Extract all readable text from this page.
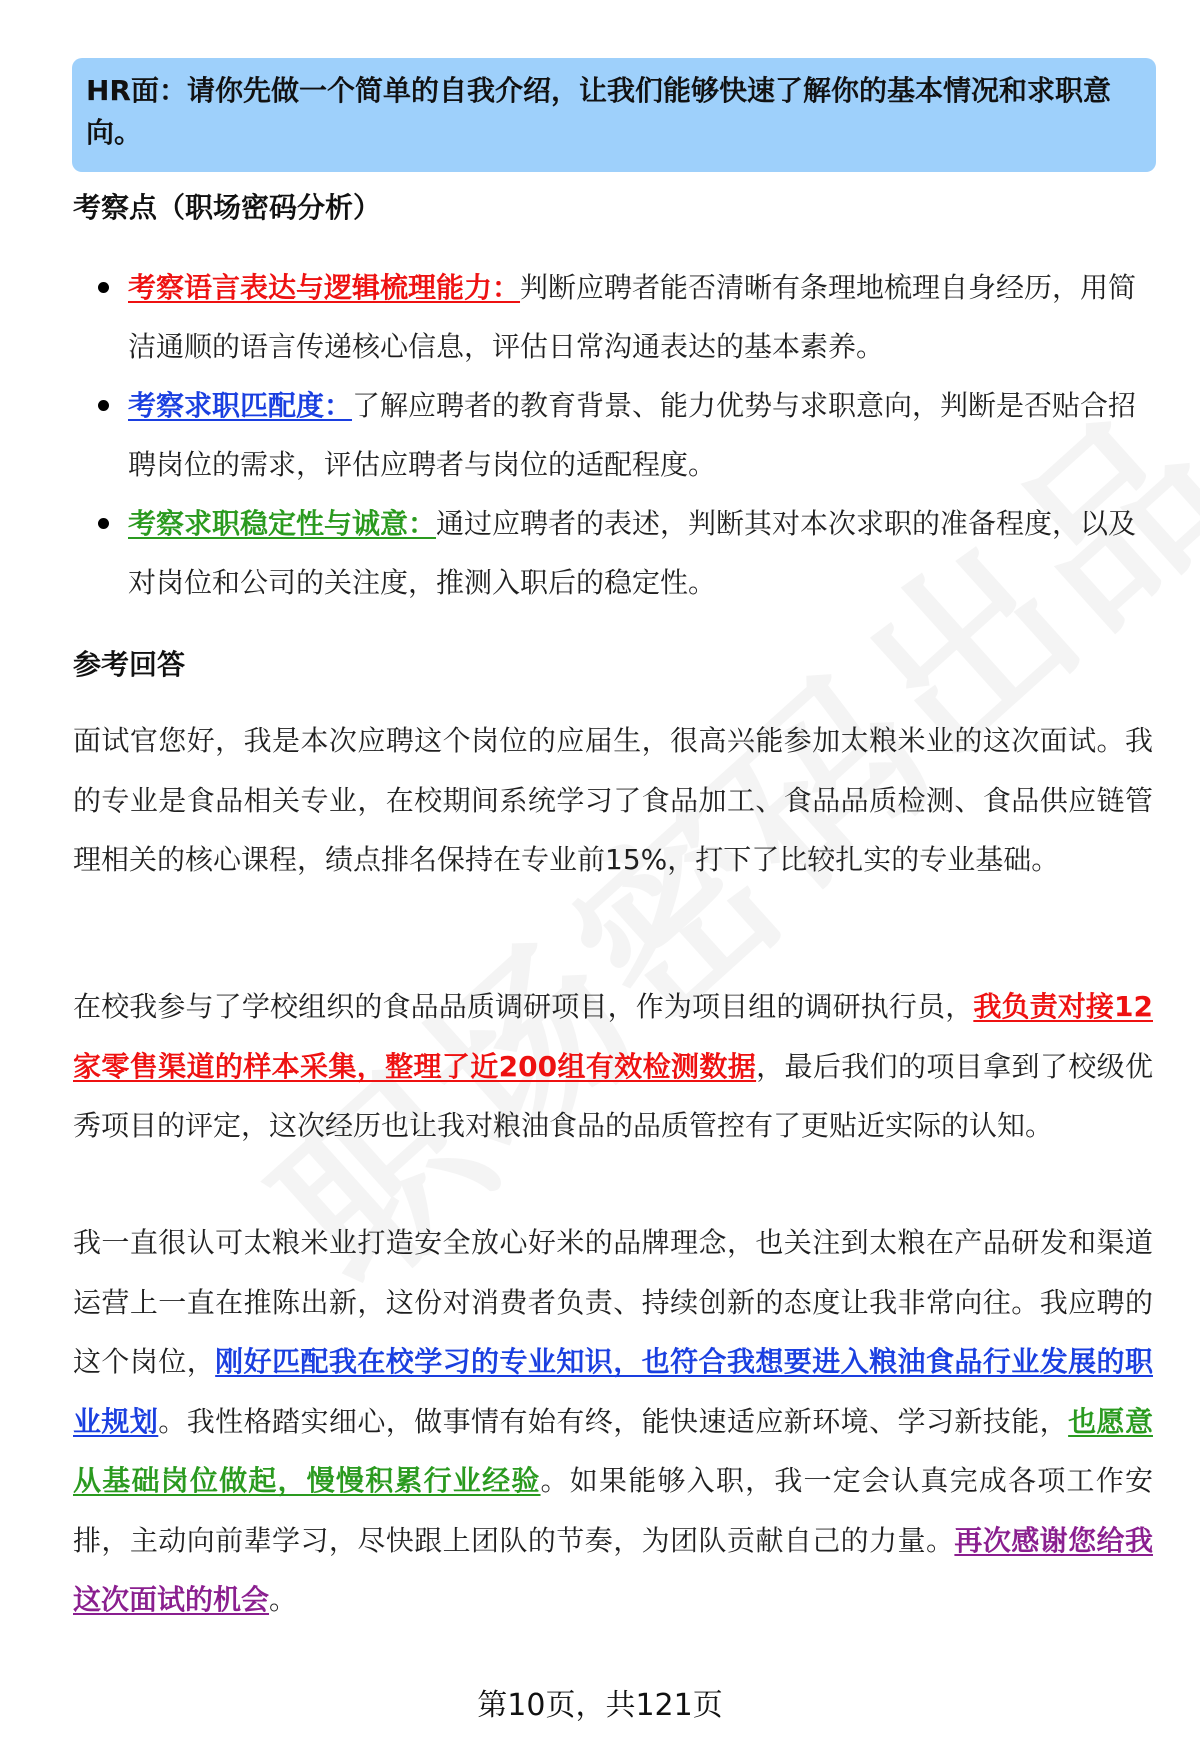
HR面：请你先做一个简单的自我介绍，让我们能够快速了解你的基本情况和求职意向。
考察点（职场密码分析）
考察语言表达与逻辑梳理能力：判断应聘者能否清晰有条理地梳理自身经历，用简洁通顺的语言传递核心信息，评估日常沟通表达的基本素养。
考察求职匹配度：了解应聘者的教育背景、能力优势与求职意向，判断是否贴合招聘岗位的需求，评估应聘者与岗位的适配程度。
考察求职稳定性与诚意：通过应聘者的表述，判断其对本次求职的准备程度，以及对岗位和公司的关注度，推测入职后的稳定性。
参考回答

面试官您好，我是本次应聘这个岗位的应届生，很高兴能参加太粮米业的这次面试。我的专业是食品相关专业，在校期间系统学习了食品加工、食品品质检测、食品供应链管理相关的核心课程，绩点排名保持在专业前15%，打下了比较扎实的专业基础。

在校我参与了学校组织的食品品质调研项目，作为项目组的调研执行员，我负责对接12家零售渠道的样本采集，整理了近200组有效检测数据，最后我们的项目拿到了校级优秀项目的评定，这次经历也让我对粮油食品的品质管控有了更贴近实际的认知。

我一直很认可太粮米业打造安全放心好米的品牌理念，也关注到太粮在产品研发和渠道运营上一直在推陈出新，这份对消费者负责、持续创新的态度让我非常向往。我应聘的这个岗位，刚好匹配我在校学习的专业知识，也符合我想要进入粮油食品行业发展的职业规划。我性格踏实细心，做事情有始有终，能快速适应新环境、学习新技能，也愿意从基础岗位做起，慢慢积累行业经验。如果能够入职，我一定会认真完成各项工作安排，主动向前辈学习，尽快跟上团队的节奏，为团队贡献自己的力量。再次感谢您给我这次面试的机会。

第10页，共121页
